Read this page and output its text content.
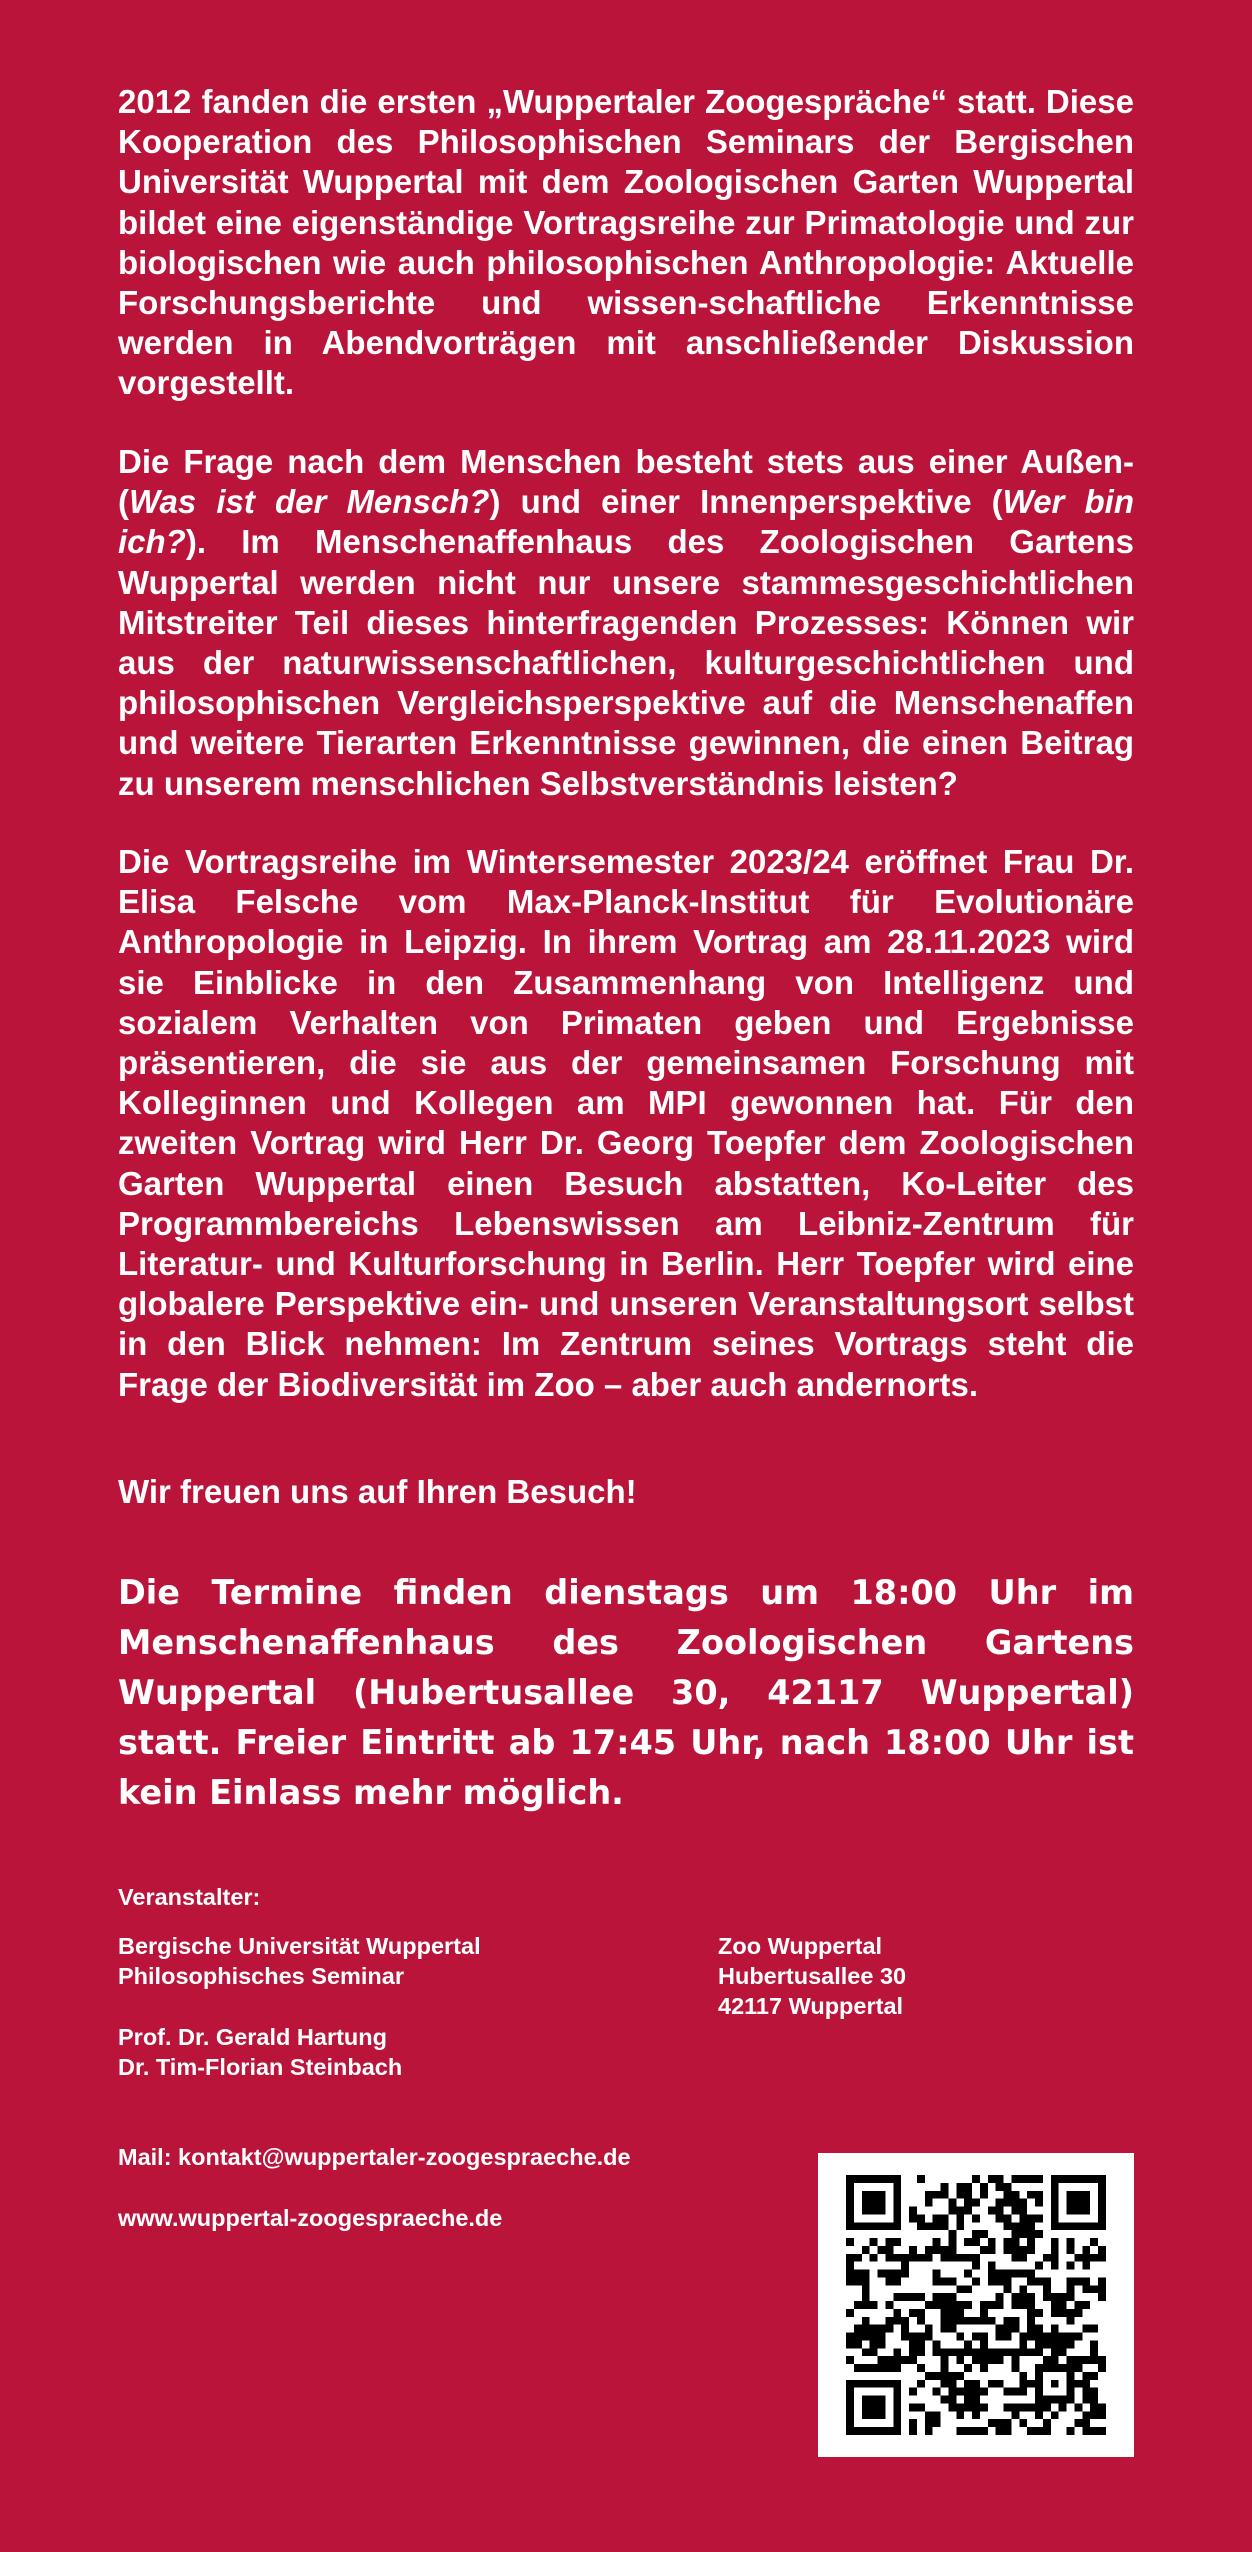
2012 fanden die ersten „Wuppertaler Zoogespräche“ statt. Diese Kooperation des Philosophischen Seminars der Bergischen Universität Wuppertal mit dem Zoologischen Garten Wuppertal bildet eine eigenständige Vortragsreihe zur Primatologie und zur biologischen wie auch philosophischen Anthropologie: Aktuelle Forschungsberichte und wissen-schaftliche Erkenntnisse werden in Abendvorträgen mit anschließender Diskussion vorgestellt.

Die Frage nach dem Menschen besteht stets aus einer Außen- (Was ist der Mensch?) und einer Innenperspektive (Wer bin ich?). Im Menschenaffenhaus des Zoologischen Gartens Wuppertal werden nicht nur unsere stammesgeschichtlichen Mitstreiter Teil dieses hinterfragenden Prozesses: Können wir aus der naturwissenschaftlichen, kulturgeschichtlichen und philosophischen Vergleichsperspektive auf die Menschenaffen und weitere Tierarten Erkenntnisse gewinnen, die einen Beitrag zu unserem menschlichen Selbstverständnis leisten?

Die Vortragsreihe im Wintersemester 2023/24 eröffnet Frau Dr. Elisa Felsche vom Max-Planck-Institut für Evolutionäre Anthropologie in Leipzig. In ihrem Vortrag am 28.11.2023 wird sie Einblicke in den Zusammenhang von Intelligenz und sozialem Verhalten von Primaten geben und Ergebnisse präsentieren, die sie aus der gemeinsamen Forschung mit Kolleginnen und Kollegen am MPI gewonnen hat. Für den zweiten Vortrag wird Herr Dr. Georg Toepfer dem Zoologischen Garten Wuppertal einen Besuch abstatten, Ko-Leiter des Programmbereichs Lebenswissen am Leibniz-Zentrum für Literatur- und Kulturforschung in Berlin. Herr Toepfer wird eine globalere Perspektive ein- und unseren Veranstaltungsort selbst in den Blick nehmen: Im Zentrum seines Vortrags steht die Frage der Biodiversität im Zoo – aber auch andernorts.

Wir freuen uns auf Ihren Besuch!

Die Termine finden dienstags um 18:00 Uhr im Menschenaffenhaus des Zoologischen Gartens Wuppertal (Hubertusallee 30, 42117 Wuppertal) statt. Freier Eintritt ab 17:45 Uhr, nach 18:00 Uhr ist kein Einlass mehr möglich.

Veranstalter:

Bergische Universität Wuppertal

Philosophisches Seminar

Prof. Dr. Gerald Hartung

Dr. Tim-Florian Steinbach

Zoo Wuppertal

Hubertusallee 30

42117 Wuppertal

Mail: kontakt@wuppertaler-zoogespraeche.de

www.wuppertal-zoogespraeche.de
